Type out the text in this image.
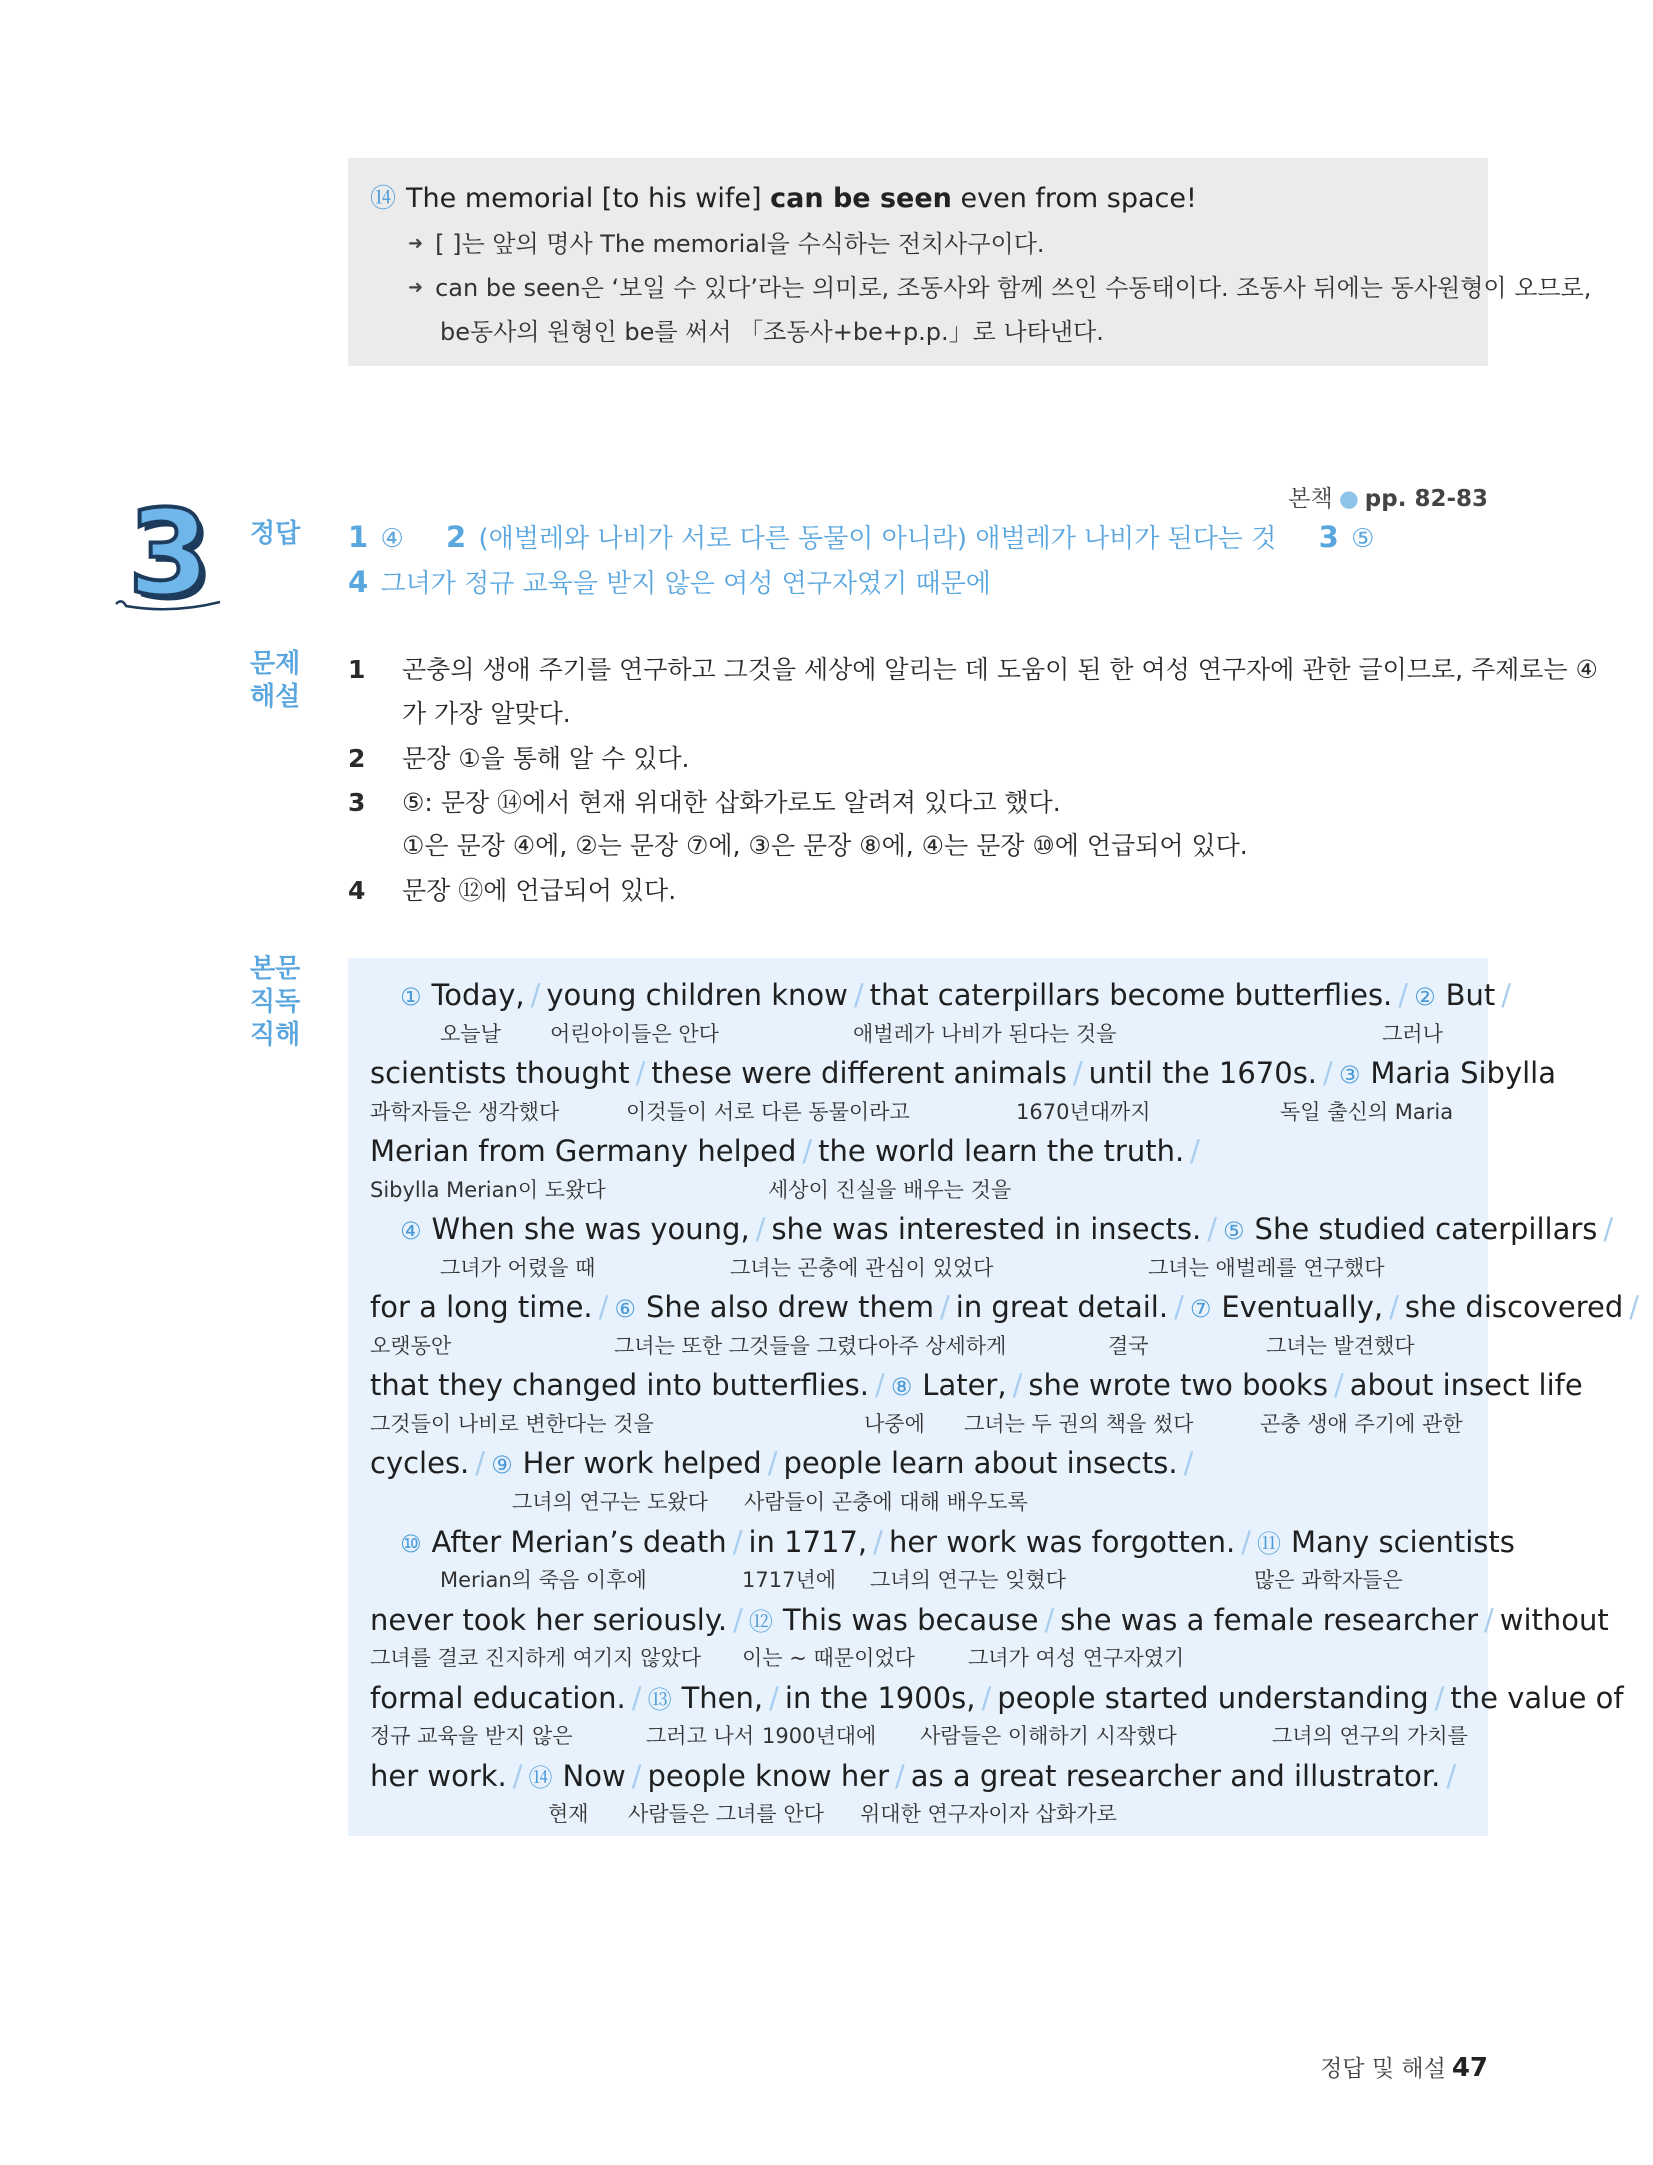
⑭ The memorial [to his wife] can be seen even from space!
➜ [ ]는 앞의 명사 The memorial을 수식하는 전치사구이다.
➜ can be seen은 ‘보일 수 있다’라는 의미로, 조동사와 함께 쓰인 수동태이다. 조동사 뒤에는 동사원형이 오므로,
be동사의 원형인 be를 써서 「조동사+be+p.p.」로 나타낸다.
본책 ● pp. 82-83
3	정답 1 ④ 2 (애벌레와 나비가 서로 다른 동물이 아니라) 애벌레가 나비가 된다는 것 3 ⑤
4 그녀가 정규 교육을 받지 않은 여성 연구자였기 때문에
문제
해설
1 곤충의 생애 주기를 연구하고 그것을 세상에 알리는 데 도움이 된 한 여성 연구자에 관한 글이므로, 주제로는 ④
가 가장 알맞다.
2 문장 ①을 통해 알 수 있다.
3 ⑤: 문장 ⑭에서 현재 위대한 삽화가로도 알려져 있다고 했다.
①은 문장 ④에, ②는 문장 ⑦에, ③은 문장 ⑧에, ④는 문장 ⑩에 언급되어 있다.
4 문장 ⑫에 언급되어 있다.
본문
직독
직해
① Today, / young children know / that caterpillars become butterflies. / ② But /
오늘날 어린아이들은 안다	애벌레가 나비가 된다는 것을	그러나
scientists thought / these were different animals / until the 1670s. / ③ Maria Sibylla
과학자들은 생각했다	이것들이 서로 다른 동물이라고	1670년대까지	독일 출신의 Maria
Merian from Germany helped / the world learn the truth. /
Sibylla Merian이 도왔다	세상이 진실을 배우는 것을
④ When she was young, / she was interested in insects. / ⑤ She studied caterpillars /
그녀가 어렸을 때	그녀는 곤충에 관심이 있었다	그녀는 애벌레를 연구했다
for a long time. / ⑥ She also drew them / in great detail. / ⑦ Eventually, / she discovered /
오랫동안	그녀는 또한 그것들을 그렸다 아주 상세하게	결국	그녀는 발견했다
that they changed into butterflies. / ⑧ Later, / she wrote two books / about insect life
그것들이 나비로 변한다는 것을	나중에 그녀는 두 권의 책을 썼다	곤충 생애 주기에 관한
cycles. / ⑨ Her work helped / people learn about insects. /
그녀의 연구는 도왔다 사람들이 곤충에 대해 배우도록
⑩ After Merian’s death / in 1717, / her work was forgotten. / ⑪ Many scientists
Merian의 죽음 이후에	1717년에 그녀의 연구는 잊혔다	많은 과학자들은
never took her seriously. / ⑫ This was because / she was a female researcher / without
그녀를 결코 진지하게 여기지 않았다 이는 ~ 때문이었다	그녀가 여성 연구자였기
formal education. / ⑬ Then, / in the 1900s, / people started understanding / the value of
정규 교육을 받지 않은	그러고 나서 1900년대에 사람들은 이해하기 시작했다	그녀의 연구의 가치를
her work. / ⑭ Now / people know her / as a great researcher and illustrator. /
현재 사람들은 그녀를 안다 위대한 연구자이자 삽화가로
정답 및 해설 47
